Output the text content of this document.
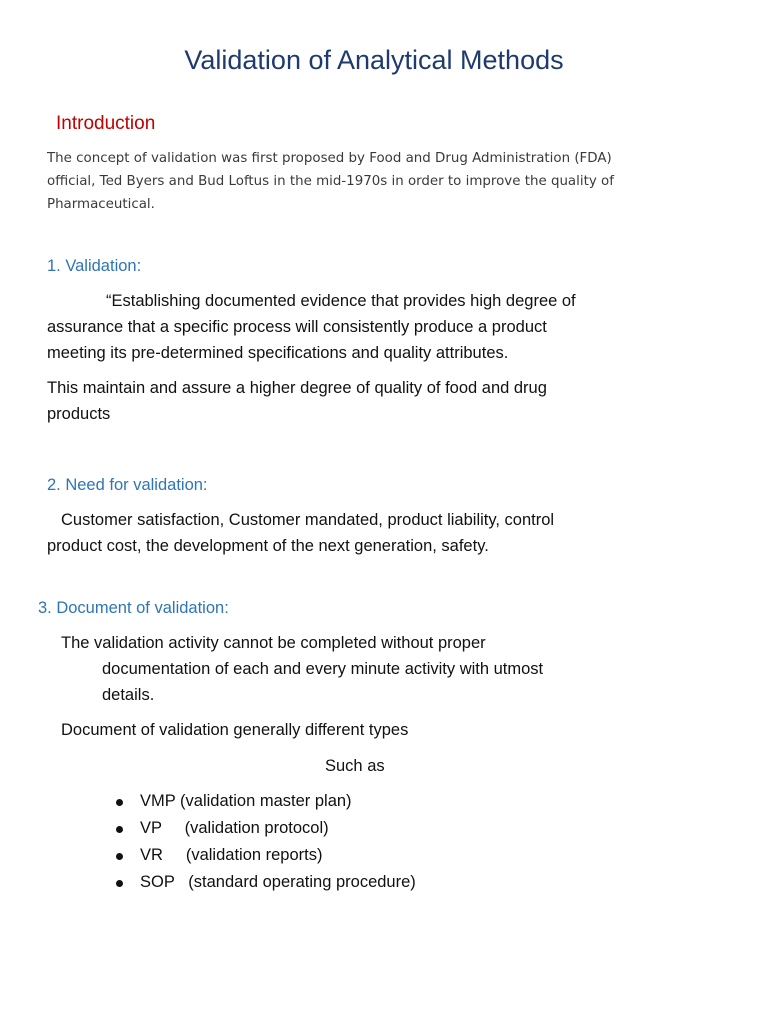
Validation of Analytical Methods
Introduction
The concept of validation was first proposed by Food and Drug Administration (FDA)
official, Ted Byers and Bud Loftus in the mid-1970s in order to improve the quality of
Pharmaceutical.
1. Validation:
“Establishing documented evidence that provides high degree of
assurance that a specific process will consistently produce a product
meeting its pre-determined specifications and quality attributes.
This maintain and assure a higher degree of quality of food and drug
products
2. Need for validation:
Customer satisfaction, Customer mandated, product liability, control
product cost, the development of the next generation, safety.
3. Document of validation:
The validation activity cannot be completed without proper
documentation of each and every minute activity with utmost
details.
Document of validation generally different types
Such as
VMP (validation master plan)
VP     (validation protocol)
VR     (validation reports)
SOP   (standard operating procedure)
